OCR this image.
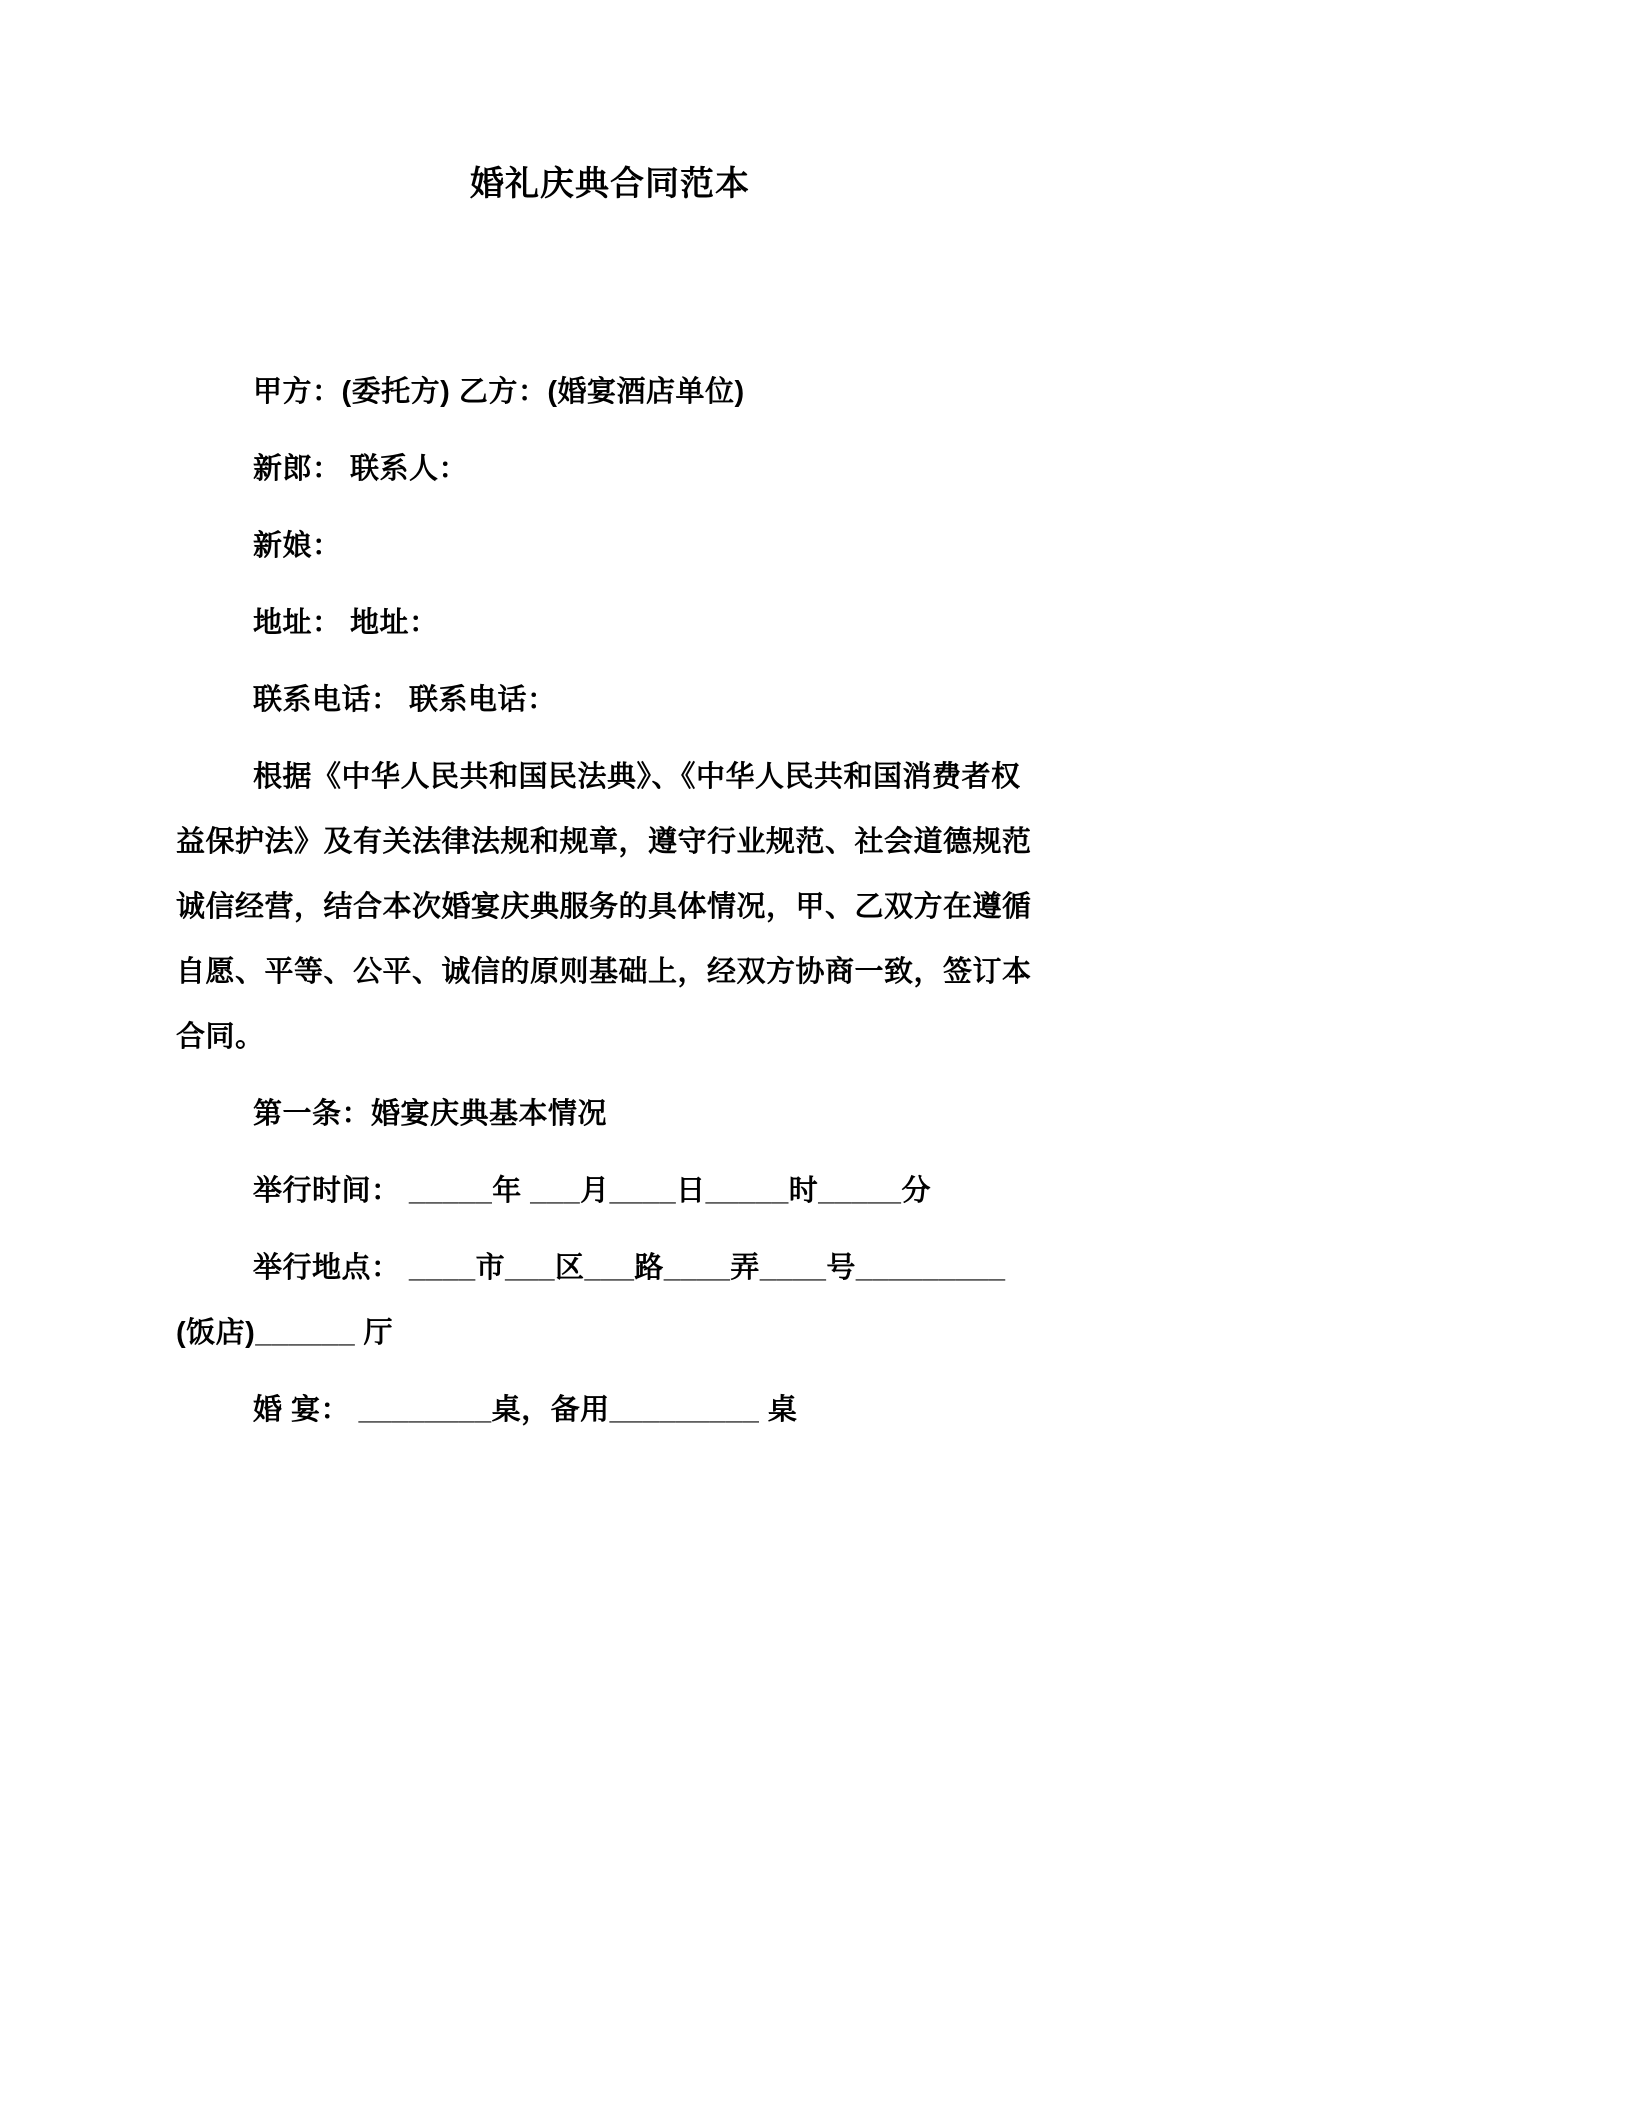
婚礼庆典合同范本

甲方：(委托方) 乙方：(婚宴酒店单位)

新郎： 联系人：

新娘：

地址： 地址：

联系电话： 联系电话：

根据《中华人民共和国民法典》、《中华人民共和国消费者权益保护法》及有关法律法规和规章，遵守行业规范、社会道德规范诚信经营，结合本次婚宴庆典服务的具体情况，甲、乙双方在遵循自愿、平等、公平、诚信的原则基础上，经双方协商一致，签订本合同。

第一条：婚宴庆典基本情况

举行时间： _____年 ___月____日_____时_____分

举行地点： ____市___区___路____弄____号_________ (饭店)______ 厅

婚 宴： ________桌，备用_________ 桌
